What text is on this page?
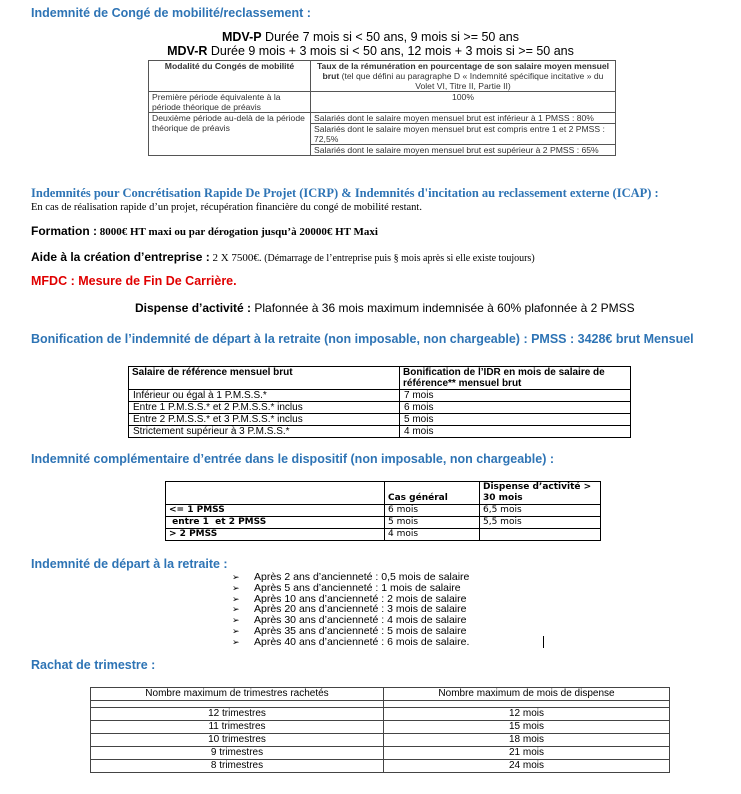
Indemnité de Congé de mobilité/reclassement :
MDV-P Durée 7 mois si < 50 ans, 9 mois si >= 50 ans
MDV-R Durée 9 mois + 3 mois si < 50 ans, 12 mois + 3 mois si >= 50 ans
Modalité du Congés de mobilité	Taux de la rémunération en pourcentage de son salaire moyen mensuel brut (tel que défini au paragraphe D « Indemnité spécifique incitative » du Volet VI, Titre II, Partie II)
Première période équivalente à la période théorique de préavis	100%
Deuxième période au-delà de la période théorique de préavis	Salariés dont le salaire moyen mensuel brut est inférieur à 1 PMSS : 80%
Salariés dont le salaire moyen mensuel brut est compris entre 1 et 2 PMSS : 72,5%
Salariés dont le salaire moyen mensuel brut est supérieur à 2 PMSS : 65%
Indemnités pour Concrétisation Rapide De Projet (ICRP) & Indemnités d'incitation au reclassement externe (ICAP) :
En cas de réalisation rapide d’un projet, récupération financière du congé de mobilité restant.
Formation : 8000€ HT maxi ou par dérogation jusqu’à 20000€ HT Maxi
Aide à la création d’entreprise : 2 X 7500€. (Démarrage de l’entreprise puis § mois après si elle existe toujours)
MFDC : Mesure de Fin De Carrière.
Dispense d’activité : Plafonnée à 36 mois maximum indemnisée à 60% plafonnée à 2 PMSS
Bonification de l’indemnité de départ à la retraite (non imposable, non chargeable) : PMSS : 3428€ brut Mensuel
Salaire de référence mensuel brut	Bonification de l’IDR en mois de salaire de référence** mensuel brut
Inférieur ou égal à 1 P.M.S.S.*	7 mois
Entre 1 P.M.S.S.* et 2 P.M.S.S.* inclus	6 mois
Entre 2 P.M.S.S.* et 3 P.M.S.S.* inclus	5 mois
Strictement supérieur à 3 P.M.S.S.*	4 mois
Indemnité complémentaire d’entrée dans le dispositif (non imposable, non chargeable) :
	Cas général	Dispense d’activité > 30 mois
<= 1 PMSS	6 mois	6,5 mois
entre 1  et 2 PMSS	5 mois	5,5 mois
> 2 PMSS	4 mois	
Indemnité de départ à la retraite :
➢ Après 2 ans d’ancienneté : 0,5 mois de salaire
➢ Après 5 ans d’ancienneté : 1 mois de salaire
➢ Après 10 ans d’ancienneté : 2 mois de salaire
➢ Après 20 ans d’ancienneté : 3 mois de salaire
➢ Après 30 ans d’ancienneté : 4 mois de salaire
➢ Après 35 ans d’ancienneté : 5 mois de salaire
➢ Après 40 ans d’ancienneté : 6 mois de salaire.
Rachat de trimestre :
Nombre maximum de trimestres rachetés	Nombre maximum de mois de dispense

12 trimestres	12 mois
11 trimestres	15 mois
10 trimestres	18 mois
9 trimestres	21 mois
8 trimestres	24 mois
